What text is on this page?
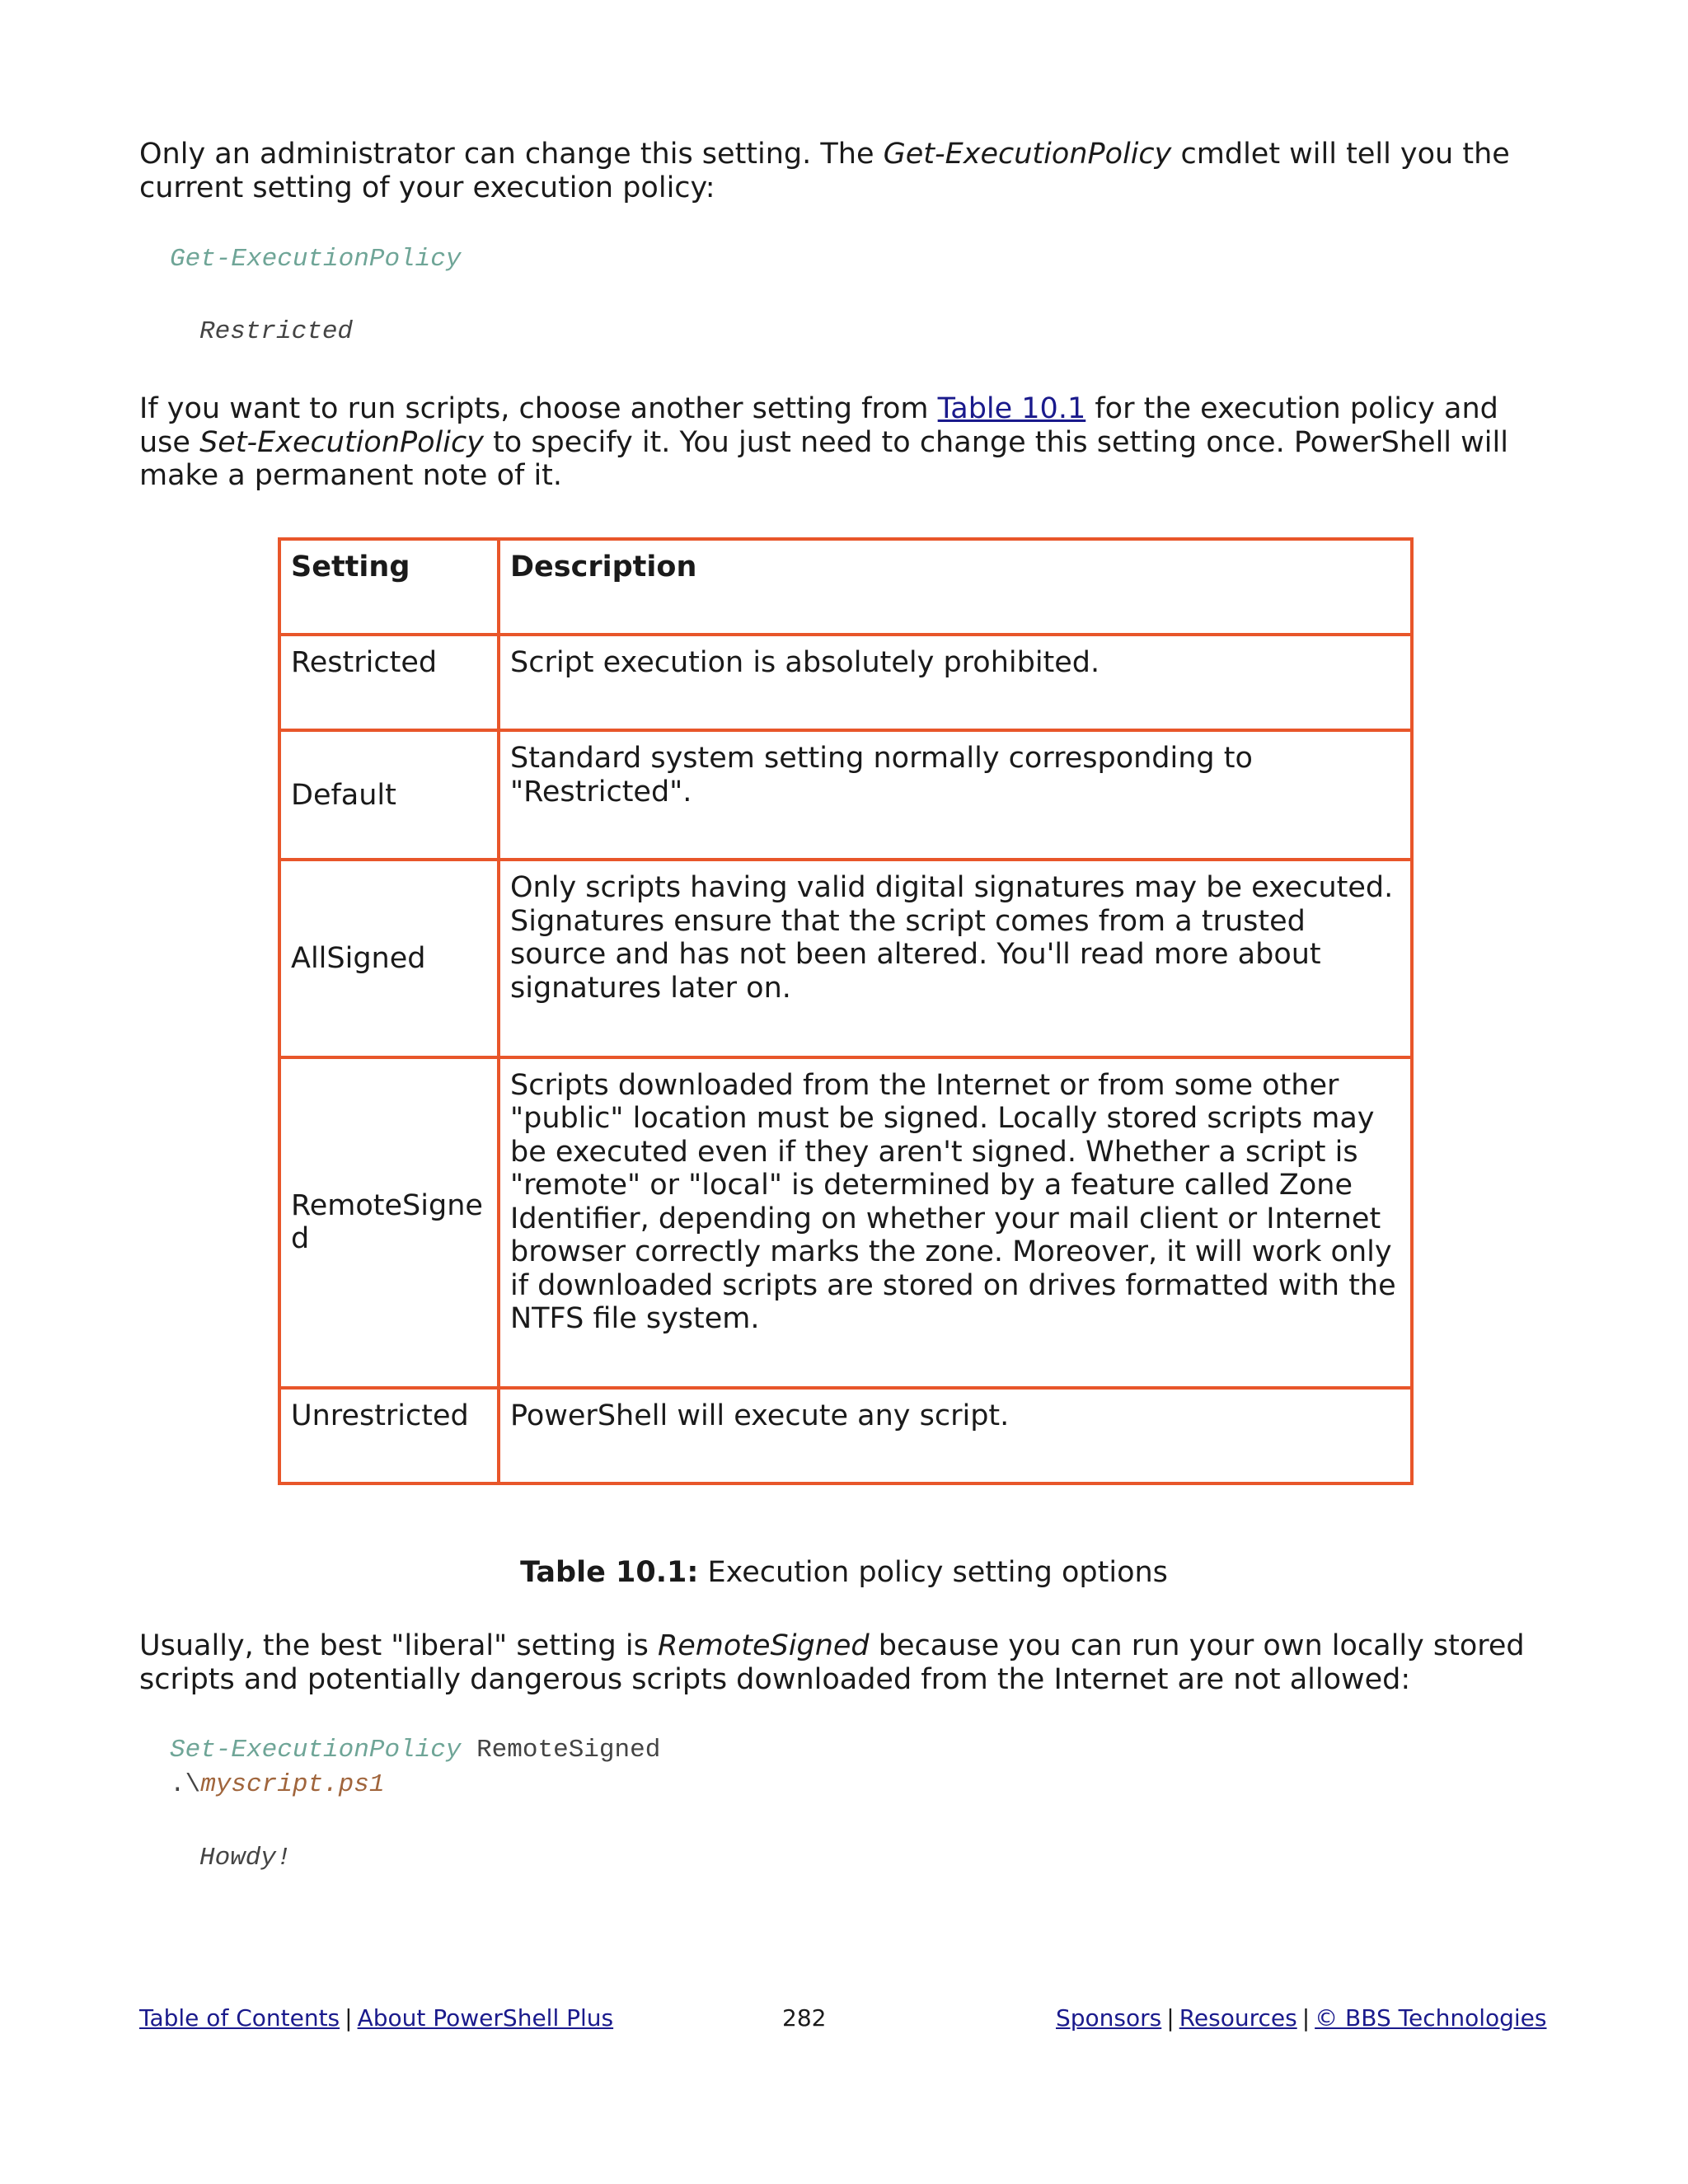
Only an administrator can change this setting. The Get-ExecutionPolicy cmdlet will tell you the current setting of your execution policy:

Get-ExecutionPolicy
Restricted

If you want to run scripts, choose another setting from Table 10.1 for the execution policy and use Set-ExecutionPolicy to specify it. You just need to change this setting once. PowerShell will make a permanent note of it.

Setting	Description
Restricted	Script execution is absolutely prohibited.
Default	Standard system setting normally corresponding to "Restricted".
AllSigned	Only scripts having valid digital signatures may be executed. Signatures ensure that the script comes from a trusted source and has not been altered. You'll read more about signatures later on.

RemoteSigned	Scripts downloaded from the Internet or from some other "public" location must be signed. Locally stored scripts may be executed even if they aren't signed. Whether a script is "remote" or "local" is determined by a feature called Zone Identifier, depending on whether your mail client or Internet browser correctly marks the zone. Moreover, it will work only if downloaded scripts are stored on drives formatted with the NTFS file system.
Unrestricted	PowerShell will execute any script.
Table 10.1: Execution policy setting options

Usually, the best "liberal" setting is RemoteSigned because you can run your own locally stored scripts and potentially dangerous scripts downloaded from the Internet are not allowed:

Set-ExecutionPolicy RemoteSigned
.\myscript.ps1
Howdy!
Table of Contents | About PowerShell Plus	282	Sponsors | Resources | © BBS Technologies
